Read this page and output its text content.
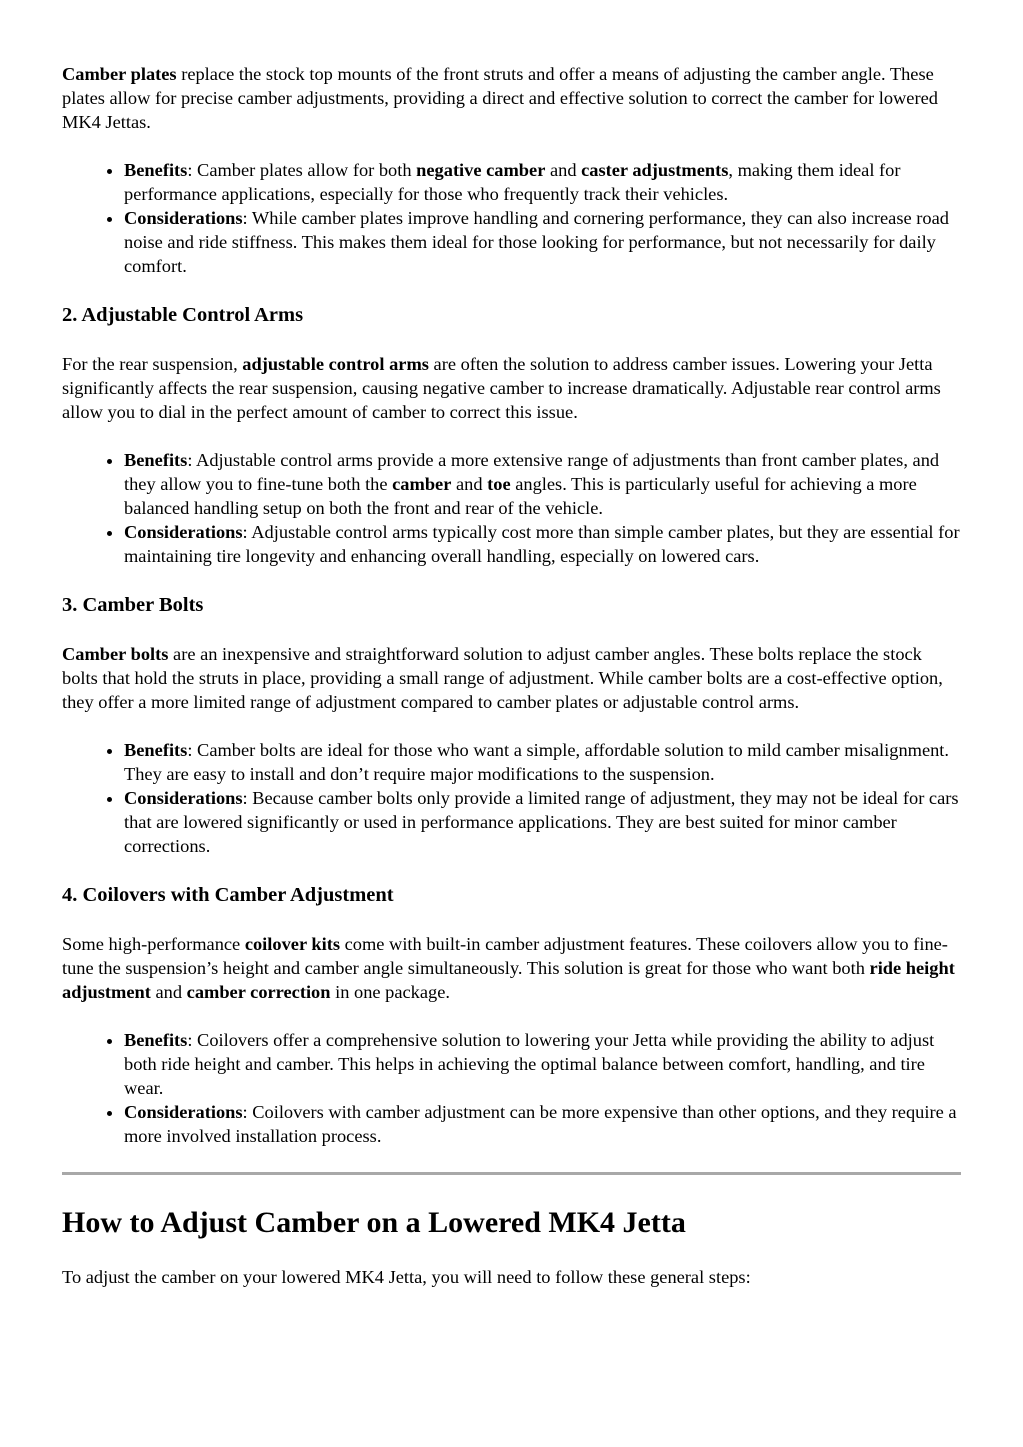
Camber plates replace the stock top mounts of the front struts and offer a means of adjusting the camber angle. These plates allow for precise camber adjustments, providing a direct and effective solution to correct the camber for lowered MK4 Jettas.

• Benefits: Camber plates allow for both negative camber and caster adjustments, making them ideal for performance applications, especially for those who frequently track their vehicles.
• Considerations: While camber plates improve handling and cornering performance, they can also increase road noise and ride stiffness. This makes them ideal for those looking for performance, but not necessarily for daily comfort.
2. Adjustable Control Arms

For the rear suspension, adjustable control arms are often the solution to address camber issues. Lowering your Jetta significantly affects the rear suspension, causing negative camber to increase dramatically. Adjustable rear control arms allow you to dial in the perfect amount of camber to correct this issue.

• Benefits: Adjustable control arms provide a more extensive range of adjustments than front camber plates, and they allow you to fine-tune both the camber and toe angles. This is particularly useful for achieving a more balanced handling setup on both the front and rear of the vehicle.
• Considerations: Adjustable control arms typically cost more than simple camber plates, but they are essential for maintaining tire longevity and enhancing overall handling, especially on lowered cars.
3. Camber Bolts

Camber bolts are an inexpensive and straightforward solution to adjust camber angles. These bolts replace the stock bolts that hold the struts in place, providing a small range of adjustment. While camber bolts are a cost-effective option, they offer a more limited range of adjustment compared to camber plates or adjustable control arms.

• Benefits: Camber bolts are ideal for those who want a simple, affordable solution to mild camber misalignment. They are easy to install and don’t require major modifications to the suspension.
• Considerations: Because camber bolts only provide a limited range of adjustment, they may not be ideal for cars that are lowered significantly or used in performance applications. They are best suited for minor camber corrections.
4. Coilovers with Camber Adjustment

Some high-performance coilover kits come with built-in camber adjustment features. These coilovers allow you to fine-tune the suspension’s height and camber angle simultaneously. This solution is great for those who want both ride height adjustment and camber correction in one package.

• Benefits: Coilovers offer a comprehensive solution to lowering your Jetta while providing the ability to adjust both ride height and camber. This helps in achieving the optimal balance between comfort, handling, and tire wear.
• Considerations: Coilovers with camber adjustment can be more expensive than other options, and they require a more involved installation process.
How to Adjust Camber on a Lowered MK4 Jetta

To adjust the camber on your lowered MK4 Jetta, you will need to follow these general steps:
